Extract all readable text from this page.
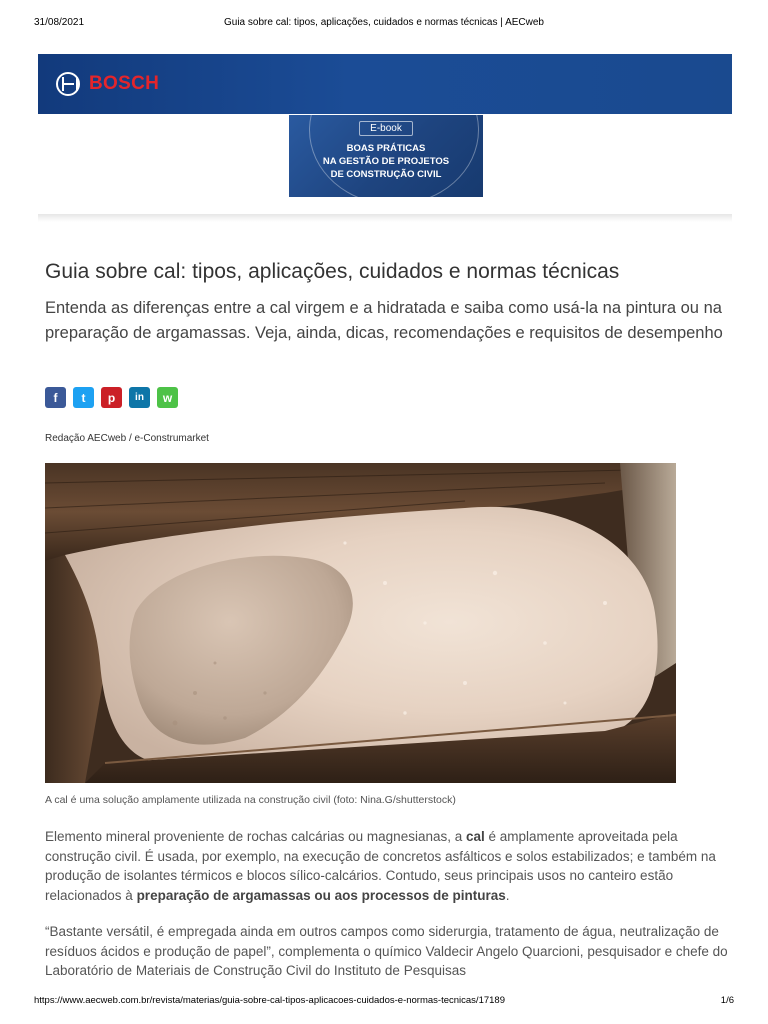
31/08/2021	Guia sobre cal: tipos, aplicações, cuidados e normas técnicas | AECweb
BOSCH
E-book
BOAS PRÁTICAS
NA GESTÃO DE PROJETOS
DE CONSTRUÇÃO CIVIL
Guia sobre cal: tipos, aplicações, cuidados e normas técnicas

Entenda as diferenças entre a cal virgem e a hidratada e saiba como usá-la na pintura ou na preparação de argamassas. Veja, ainda, dicas, recomendações e requisitos de desempenho

f	t	p	in	w
Redação AECweb / e-Construmarket
A cal é uma solução amplamente utilizada na construção civil (foto: Nina.G/shutterstock)

Elemento mineral proveniente de rochas calcárias ou magnesianas, a cal é amplamente aproveitada pela construção civil. É usada, por exemplo, na execução de concretos asfálticos e solos estabilizados; e também na produção de isolantes térmicos e blocos sílico-calcários. Contudo, seus principais usos no canteiro estão relacionados à preparação de argamassas ou aos processos de pinturas.

“Bastante versátil, é empregada ainda em outros campos como siderurgia, tratamento de água, neutralização de resíduos ácidos e produção de papel”, complementa o químico Valdecir Angelo Quarcioni, pesquisador e chefe do Laboratório de Materiais de Construção Civil do Instituto de Pesquisas

https://www.aecweb.com.br/revista/materias/guia-sobre-cal-tipos-aplicacoes-cuidados-e-normas-tecnicas/17189	1/6
